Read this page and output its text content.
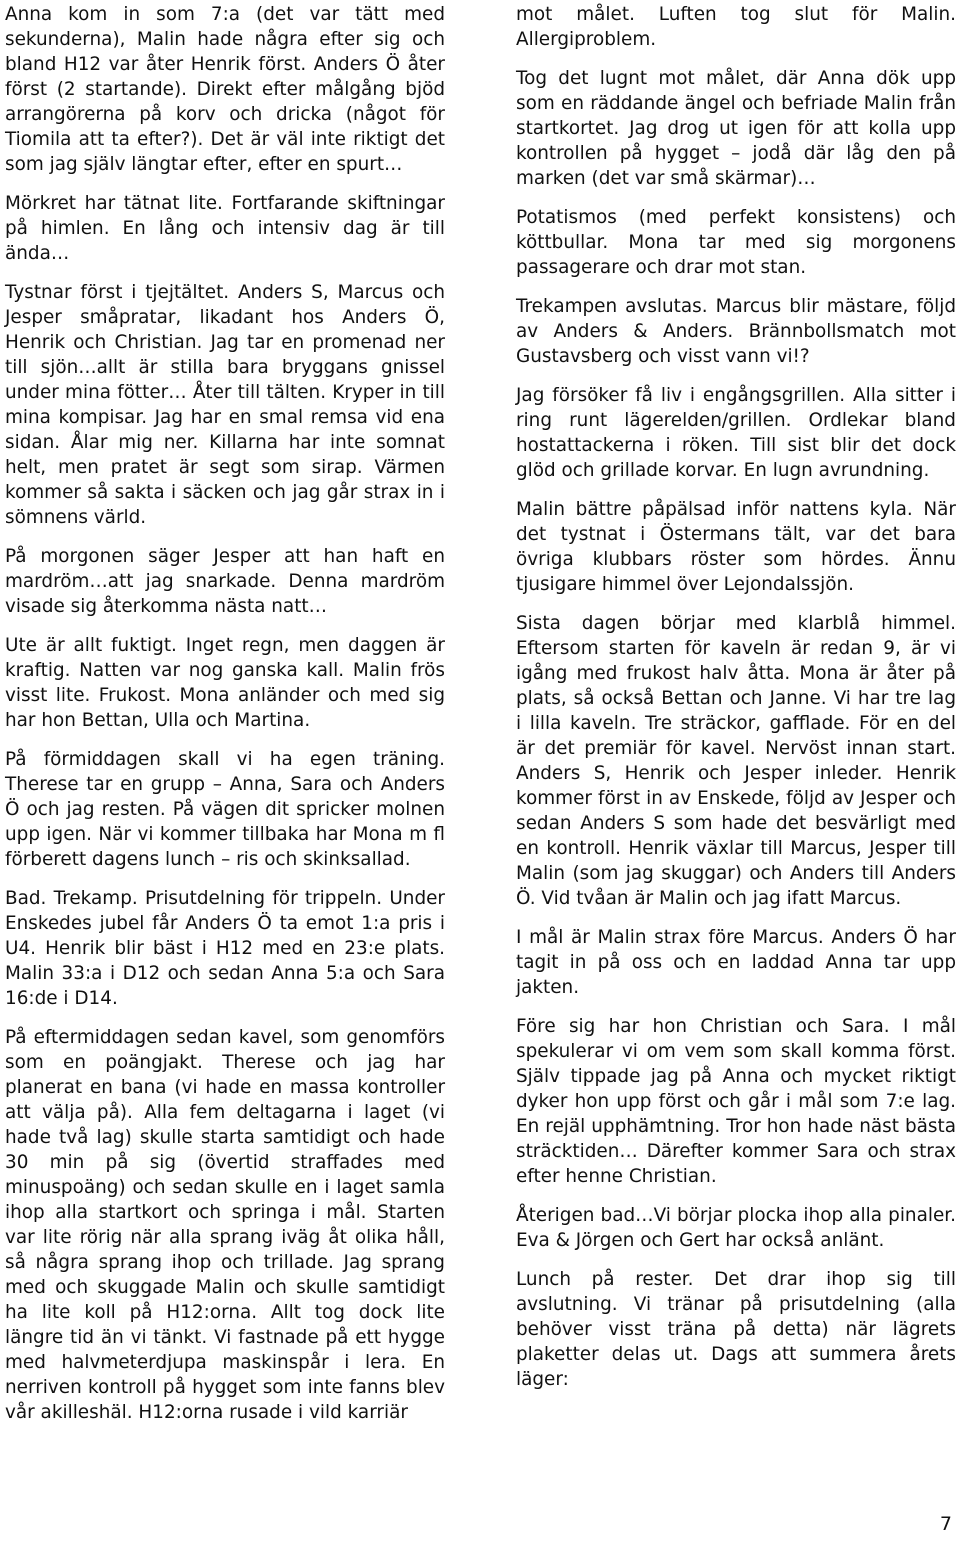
Anna kom in som 7:a (det var tätt med sekunderna), Malin hade några efter sig och bland H12 var åter Henrik först. Anders Ö åter först (2 startande). Direkt efter målgång bjöd arrangörerna på korv och dricka (något för Tiomila att ta efter?). Det är väl inte riktigt det som jag själv längtar efter, efter en spurt…

Mörkret har tätnat lite. Fortfarande skiftningar på himlen. En lång och intensiv dag är till ända…

Tystnar först i tjejtältet. Anders S, Marcus och Jesper småpratar, likadant hos Anders Ö, Henrik och Christian. Jag tar en promenad ner till sjön…allt är stilla bara bryggans gnissel under mina fötter… Åter till tälten. Kryper in till mina kompisar. Jag har en smal remsa vid ena sidan. Ålar mig ner. Killarna har inte somnat helt, men pratet är segt som sirap. Värmen kommer så sakta i säcken och jag går strax in i sömnens värld.

På morgonen säger Jesper att han haft en mardröm…att jag snarkade. Denna mardröm visade sig återkomma nästa natt…

Ute är allt fuktigt. Inget regn, men daggen är kraftig. Natten var nog ganska kall. Malin frös visst lite. Frukost. Mona anländer och med sig har hon Bettan, Ulla och Martina.

På förmiddagen skall vi ha egen träning. Therese tar en grupp – Anna, Sara och Anders Ö och jag resten. På vägen dit spricker molnen upp igen. När vi kommer tillbaka har Mona m fl förberett dagens lunch – ris och skinksallad.

Bad. Trekamp. Prisutdelning för trippeln. Under Enskedes jubel får Anders Ö ta emot 1:a pris i U4. Henrik blir bäst i H12 med en 23:e plats. Malin 33:a i D12 och sedan Anna 5:a och Sara 16:de i D14.

På eftermiddagen sedan kavel, som genomförs som en poängjakt. Therese och jag har planerat en bana (vi hade en massa kontroller att välja på). Alla fem deltagarna i laget (vi hade två lag) skulle starta samtidigt och hade 30 min på sig (övertid straffades med minuspoäng) och sedan skulle en i laget samla ihop alla startkort och springa i mål. Starten var lite rörig när alla sprang iväg åt olika håll, så några sprang ihop och trillade. Jag sprang med och skuggade Malin och skulle samtidigt ha lite koll på H12:orna. Allt tog dock lite längre tid än vi tänkt. Vi fastnade på ett hygge med halvmeterdjupa maskinspår i lera. En nerriven kontroll på hygget som inte fanns blev vår akilleshäl. H12:orna rusade i vild karriär

mot målet. Luften tog slut för Malin. Allergiproblem.

Tog det lugnt mot målet, där Anna dök upp som en räddande ängel och befriade Malin från startkortet. Jag drog ut igen för att kolla upp kontrollen på hygget – jodå där låg den på marken (det var små skärmar)…

Potatismos (med perfekt konsistens) och köttbullar. Mona tar med sig morgonens passagerare och drar mot stan.

Trekampen avslutas. Marcus blir mästare, följd av Anders & Anders. Brännbollsmatch mot Gustavsberg och visst vann vi!?

Jag försöker få liv i engångsgrillen. Alla sitter i ring runt lägerelden/grillen. Ordlekar bland hostattackerna i röken. Till sist blir det dock glöd och grillade korvar. En lugn avrundning.

Malin bättre påpälsad inför nattens kyla. När det tystnat i Östermans tält, var det bara övriga klubbars röster som hördes. Ännu tjusigare himmel över Lejondalssjön.

Sista dagen börjar med klarblå himmel. Eftersom starten för kaveln är redan 9, är vi igång med frukost halv åtta. Mona är åter på plats, så också Bettan och Janne. Vi har tre lag i lilla kaveln. Tre sträckor, gafflade. För en del är det premiär för kavel. Nervöst innan start. Anders S, Henrik och Jesper inleder. Henrik kommer först in av Enskede, följd av Jesper och sedan Anders S som hade det besvärligt med en kontroll. Henrik växlar till Marcus, Jesper till Malin (som jag skuggar) och Anders till Anders Ö. Vid tvåan är Malin och jag ifatt Marcus.

I mål är Malin strax före Marcus. Anders Ö har tagit in på oss och en laddad Anna tar upp jakten.

Före sig har hon Christian och Sara. I mål spekulerar vi om vem som skall komma först. Själv tippade jag på Anna och mycket riktigt dyker hon upp först och går i mål som 7:e lag. En rejäl upphämtning. Tror hon hade näst bästa sträcktiden… Därefter kommer Sara och strax efter henne Christian.

Återigen bad…Vi börjar plocka ihop alla pinaler. Eva & Jörgen och Gert har också anlänt.

Lunch på rester. Det drar ihop sig till avslutning. Vi tränar på prisutdelning (alla behöver visst träna på detta) när lägrets plaketter delas ut. Dags att summera årets läger:

7
